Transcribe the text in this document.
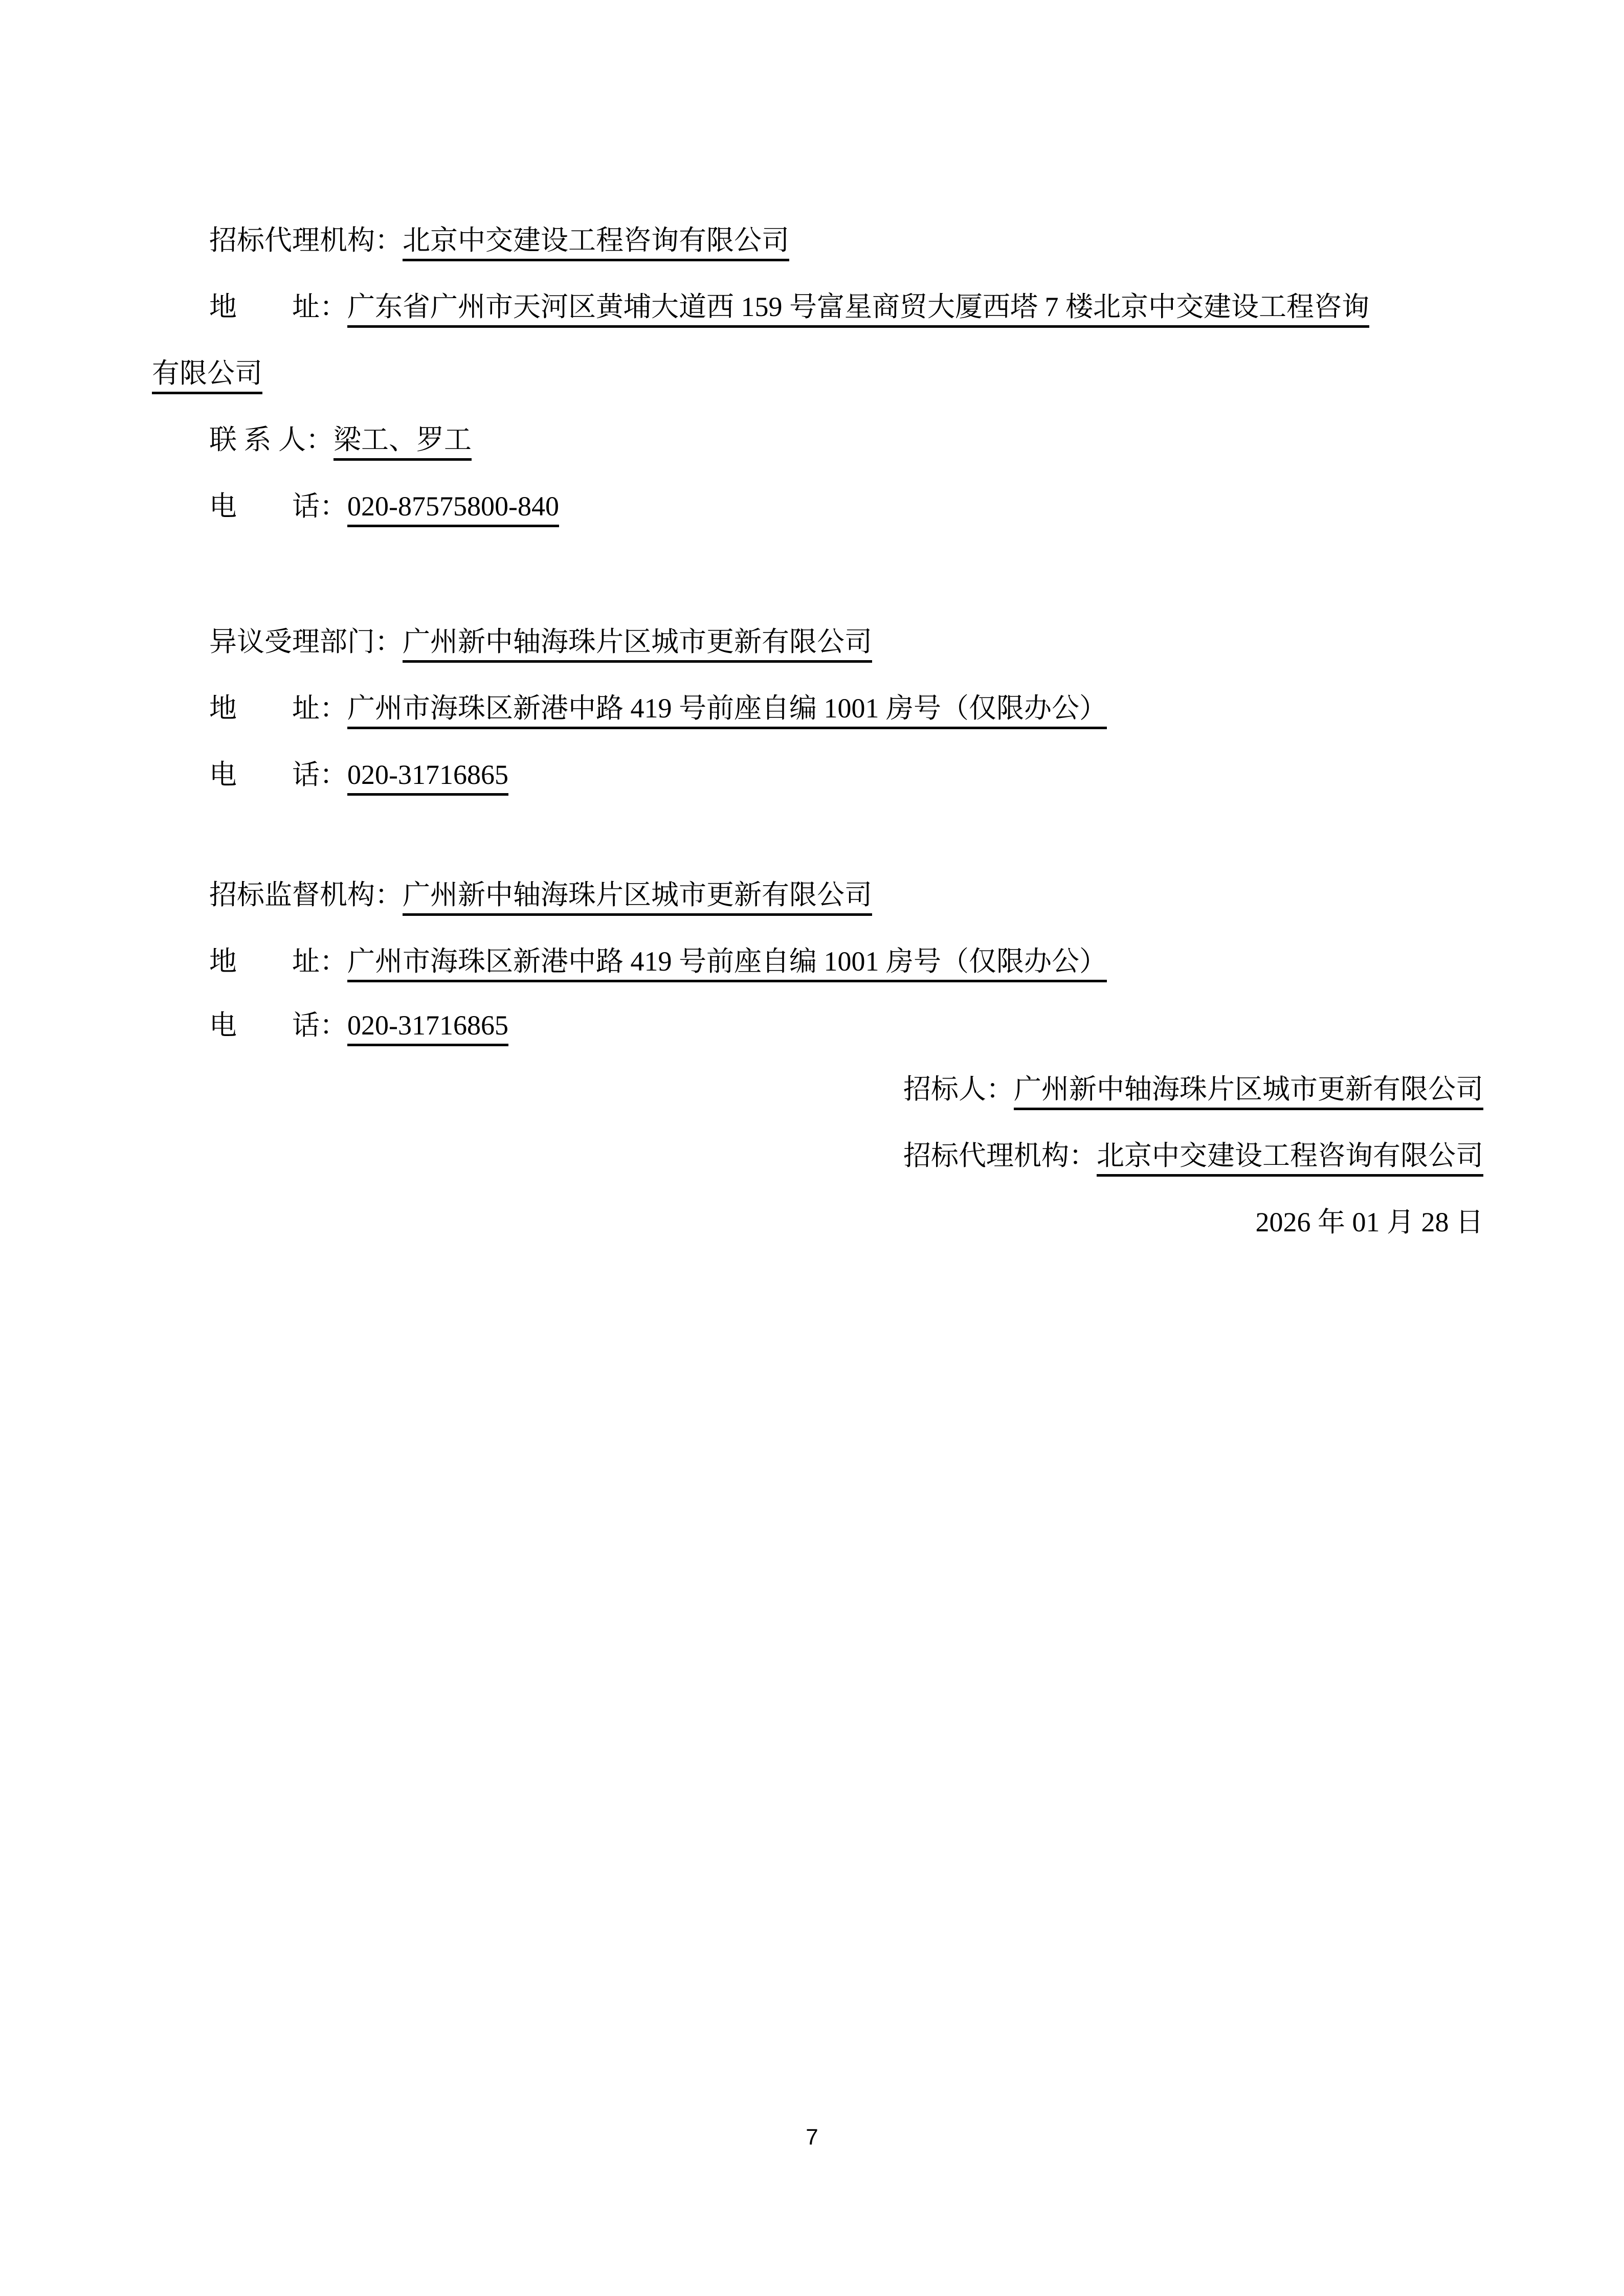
招标代理机构：北京中交建设工程咨询有限公司
地　　址：广东省广州市天河区黄埔大道西 159 号富星商贸大厦西塔 7 楼北京中交建设工程咨询
有限公司
联 系 人：梁工、罗工
电　　话：020-87575800-840
异议受理部门：广州新中轴海珠片区城市更新有限公司
地　　址：广州市海珠区新港中路 419 号前座自编 1001 房号（仅限办公）
电　　话：020-31716865
招标监督机构：广州新中轴海珠片区城市更新有限公司
地　　址：广州市海珠区新港中路 419 号前座自编 1001 房号（仅限办公）
电　　话：020-31716865
招标人：广州新中轴海珠片区城市更新有限公司
招标代理机构：北京中交建设工程咨询有限公司
2026 年 01 月 28 日
7
